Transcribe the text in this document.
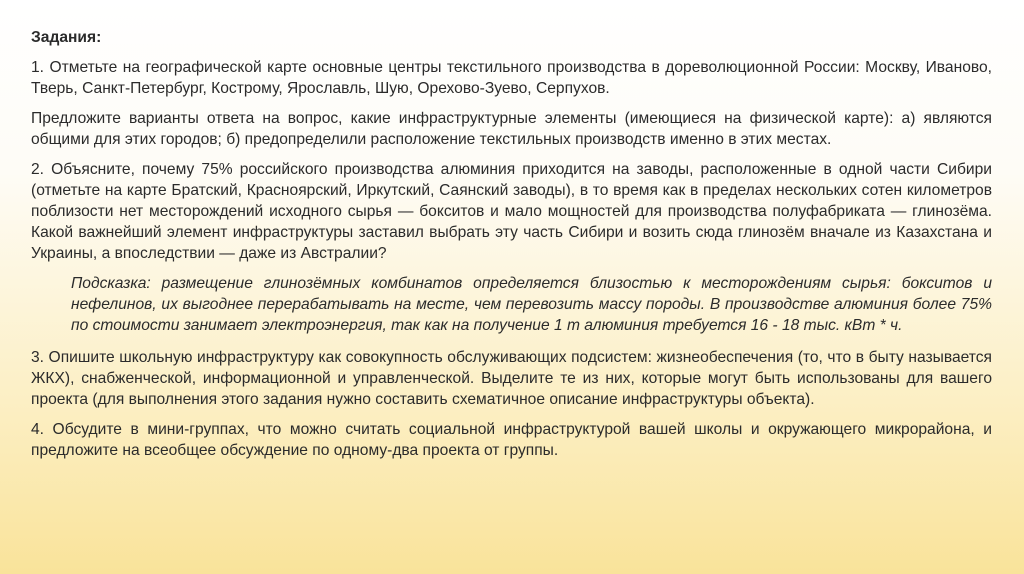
Задания:

1. Отметьте на географической карте основные центры текстильного производства в дореволюционной России: Москву, Иваново, Тверь, Санкт-Петербург, Кострому, Ярославль, Шую, Орехово-Зуево, Серпухов.

Предложите варианты ответа на вопрос, какие инфраструктурные элементы (имеющиеся на физической карте): а) являются общими для этих городов; б) предопределили расположение текстильных производств именно в этих местах.

2. Объясните, почему 75% российского производства алюминия приходится на заводы, расположенные в одной части Сибири (отметьте на карте Братский, Красноярский, Иркутский, Саянский заводы), в то время как в пределах нескольких сотен километров поблизости нет месторождений исходного сырья — бокситов и мало мощностей для производства полуфабриката — глинозёма. Какой важнейший элемент инфраструктуры заставил выбрать эту часть Сибири и возить сюда глинозём вначале из Казахстана и Украины, а впоследствии — даже из Австралии?

Подсказка: размещение глинозёмных комбинатов определяется близостью к месторождениям сырья: бокситов и нефелинов, их выгоднее перерабатывать на месте, чем перевозить массу породы. В производстве алюминия более 75% по стоимости занимает электроэнергия, так как на получение 1 т алюминия требуется 16 - 18 тыс. кВт * ч.

3. Опишите школьную инфраструктуру как совокупность обслуживающих подсистем: жизнеобеспечения (то, что в быту называется ЖКХ), снабженческой, информационной и управленческой. Выделите те из них, которые могут быть использованы для вашего проекта (для выполнения этого задания нужно составить схематичное описание инфраструктуры объекта).

4. Обсудите в мини-группах, что можно считать социальной инфраструктурой вашей школы и окружающего микрорайона, и предложите на всеобщее обсуждение по одному-два проекта от группы.
